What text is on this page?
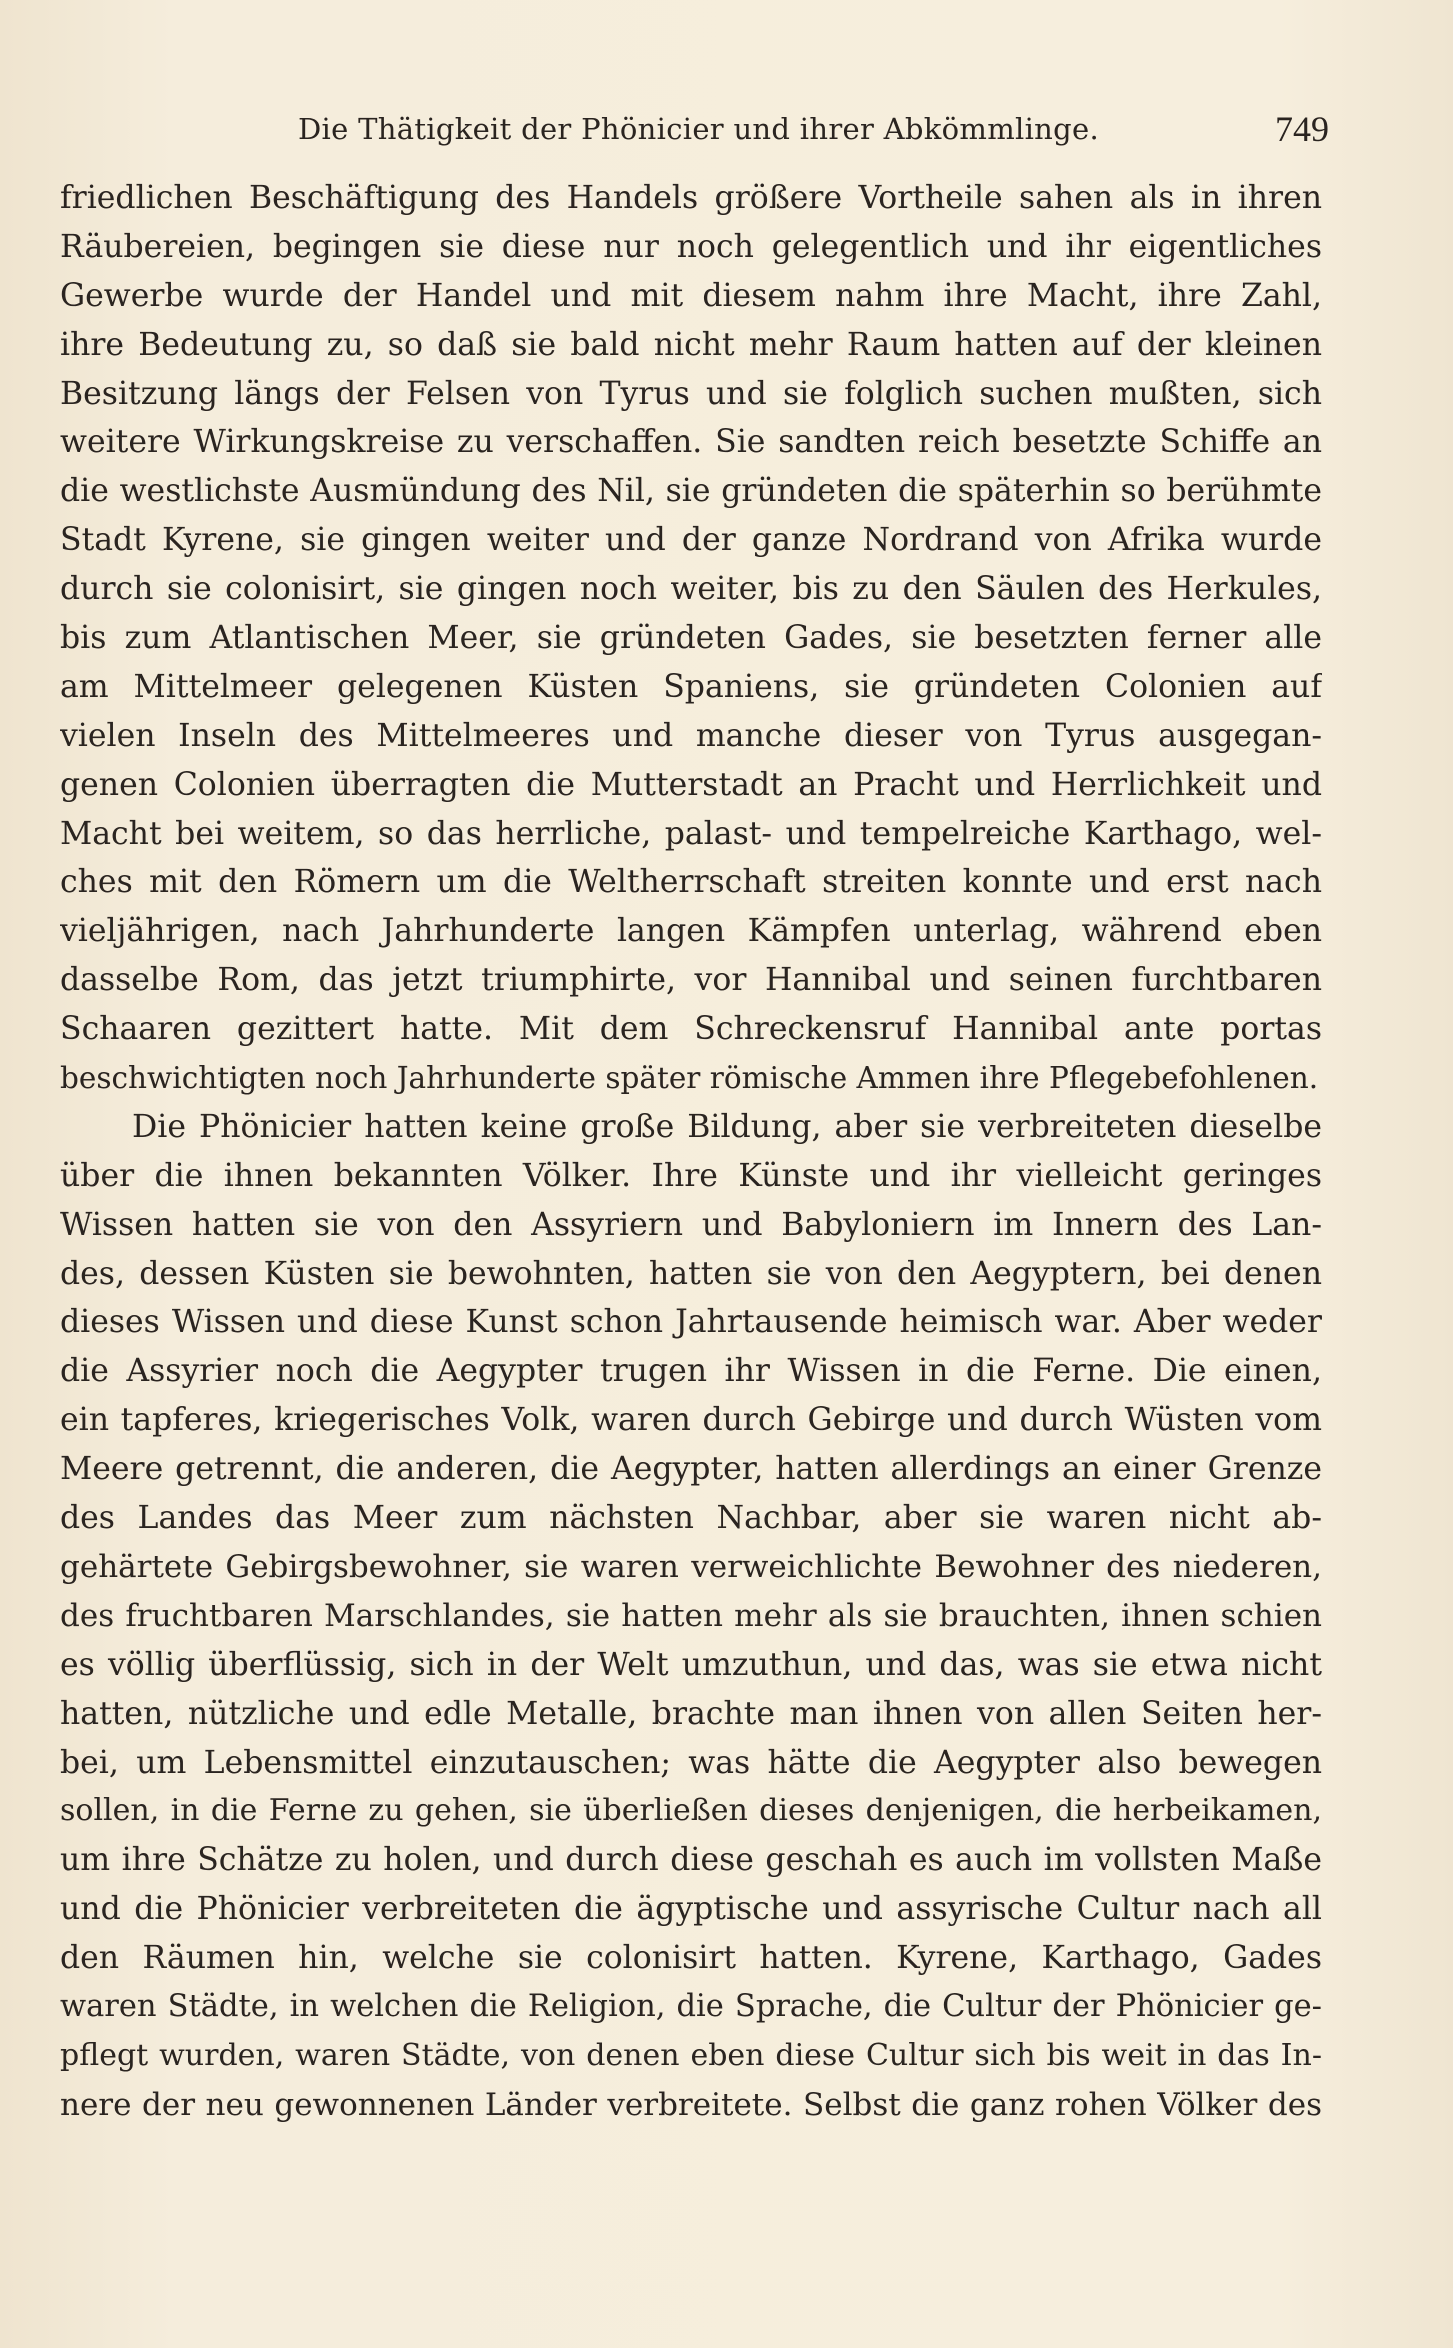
Die Thätigkeit der Phönicier und ihrer Abkömmlinge.	749
friedlichen Beschäftigung des Handels größere Vortheile sahen als in ihren
Räubereien, begingen sie diese nur noch gelegentlich und ihr eigentliches
Gewerbe wurde der Handel und mit diesem nahm ihre Macht, ihre Zahl,
ihre Bedeutung zu, so daß sie bald nicht mehr Raum hatten auf der kleinen
Besitzung längs der Felsen von Tyrus und sie folglich suchen mußten, sich
weitere Wirkungskreise zu verschaffen. Sie sandten reich besetzte Schiffe an
die westlichste Ausmündung des Nil, sie gründeten die späterhin so berühmte
Stadt Kyrene, sie gingen weiter und der ganze Nordrand von Afrika wurde
durch sie colonisirt, sie gingen noch weiter, bis zu den Säulen des Herkules,
bis zum Atlantischen Meer, sie gründeten Gades, sie besetzten ferner alle
am Mittelmeer gelegenen Küsten Spaniens, sie gründeten Colonien auf
vielen Inseln des Mittelmeeres und manche dieser von Tyrus ausgegan-
genen Colonien überragten die Mutterstadt an Pracht und Herrlichkeit und
Macht bei weitem, so das herrliche, palast- und tempelreiche Karthago, wel-
ches mit den Römern um die Weltherrschaft streiten konnte und erst nach
vieljährigen, nach Jahrhunderte langen Kämpfen unterlag, während eben
dasselbe Rom, das jetzt triumphirte, vor Hannibal und seinen furchtbaren
Schaaren gezittert hatte. Mit dem Schreckensruf Hannibal ante portas
beschwichtigten noch Jahrhunderte später römische Ammen ihre Pflegebefohlenen.
Die Phönicier hatten keine große Bildung, aber sie verbreiteten dieselbe
über die ihnen bekannten Völker. Ihre Künste und ihr vielleicht geringes
Wissen hatten sie von den Assyriern und Babyloniern im Innern des Lan-
des, dessen Küsten sie bewohnten, hatten sie von den Aegyptern, bei denen
dieses Wissen und diese Kunst schon Jahrtausende heimisch war. Aber weder
die Assyrier noch die Aegypter trugen ihr Wissen in die Ferne. Die einen,
ein tapferes, kriegerisches Volk, waren durch Gebirge und durch Wüsten vom
Meere getrennt, die anderen, die Aegypter, hatten allerdings an einer Grenze
des Landes das Meer zum nächsten Nachbar, aber sie waren nicht ab-
gehärtete Gebirgsbewohner, sie waren verweichlichte Bewohner des niederen,
des fruchtbaren Marschlandes, sie hatten mehr als sie brauchten, ihnen schien
es völlig überflüssig, sich in der Welt umzuthun, und das, was sie etwa nicht
hatten, nützliche und edle Metalle, brachte man ihnen von allen Seiten her-
bei, um Lebensmittel einzutauschen; was hätte die Aegypter also bewegen
sollen, in die Ferne zu gehen, sie überließen dieses denjenigen, die herbeikamen,
um ihre Schätze zu holen, und durch diese geschah es auch im vollsten Maße
und die Phönicier verbreiteten die ägyptische und assyrische Cultur nach all
den Räumen hin, welche sie colonisirt hatten. Kyrene, Karthago, Gades
waren Städte, in welchen die Religion, die Sprache, die Cultur der Phönicier ge-
pflegt wurden, waren Städte, von denen eben diese Cultur sich bis weit in das In-
nere der neu gewonnenen Länder verbreitete. Selbst die ganz rohen Völker des
